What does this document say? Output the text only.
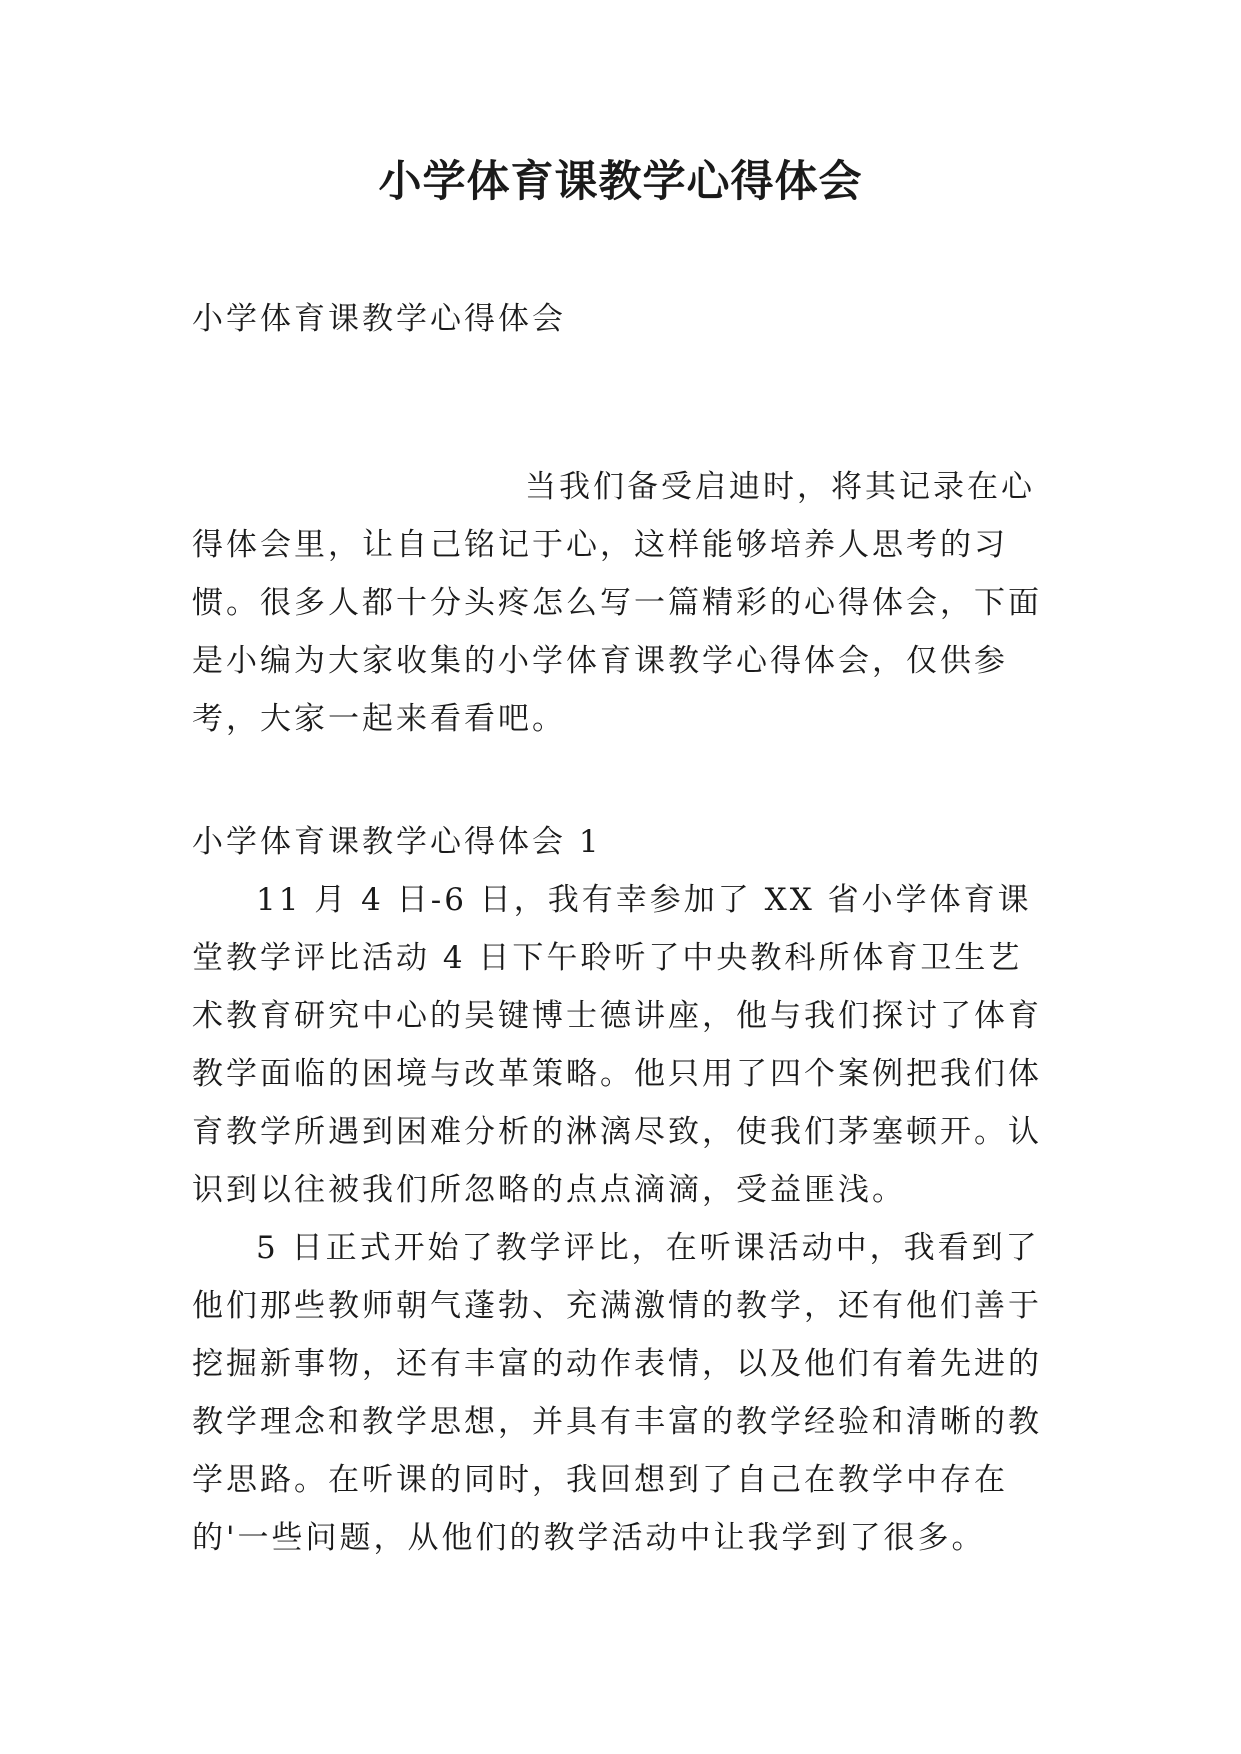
小学体育课教学心得体会

小学体育课教学心得体会

当我们备受启迪时，将其记录在心得体会里，让自己铭记于心，这样能够培养人思考的习惯。很多人都十分头疼怎么写一篇精彩的心得体会，下面是小编为大家收集的小学体育课教学心得体会，仅供参考，大家一起来看看吧。

小学体育课教学心得体会 1

11 月 4 日-6 日，我有幸参加了 XX 省小学体育课堂教学评比活动 4 日下午聆听了中央教科所体育卫生艺术教育研究中心的吴键博士德讲座，他与我们探讨了体育教学面临的困境与改革策略。他只用了四个案例把我们体育教学所遇到困难分析的淋漓尽致，使我们茅塞顿开。认识到以往被我们所忽略的点点滴滴，受益匪浅。

5 日正式开始了教学评比，在听课活动中，我看到了他们那些教师朝气蓬勃、充满激情的教学，还有他们善于挖掘新事物，还有丰富的动作表情，以及他们有着先进的教学理念和教学思想，并具有丰富的教学经验和清晰的教学思路。在听课的同时，我回想到了自己在教学中存在的'一些问题，从他们的教学活动中让我学到了很多。
